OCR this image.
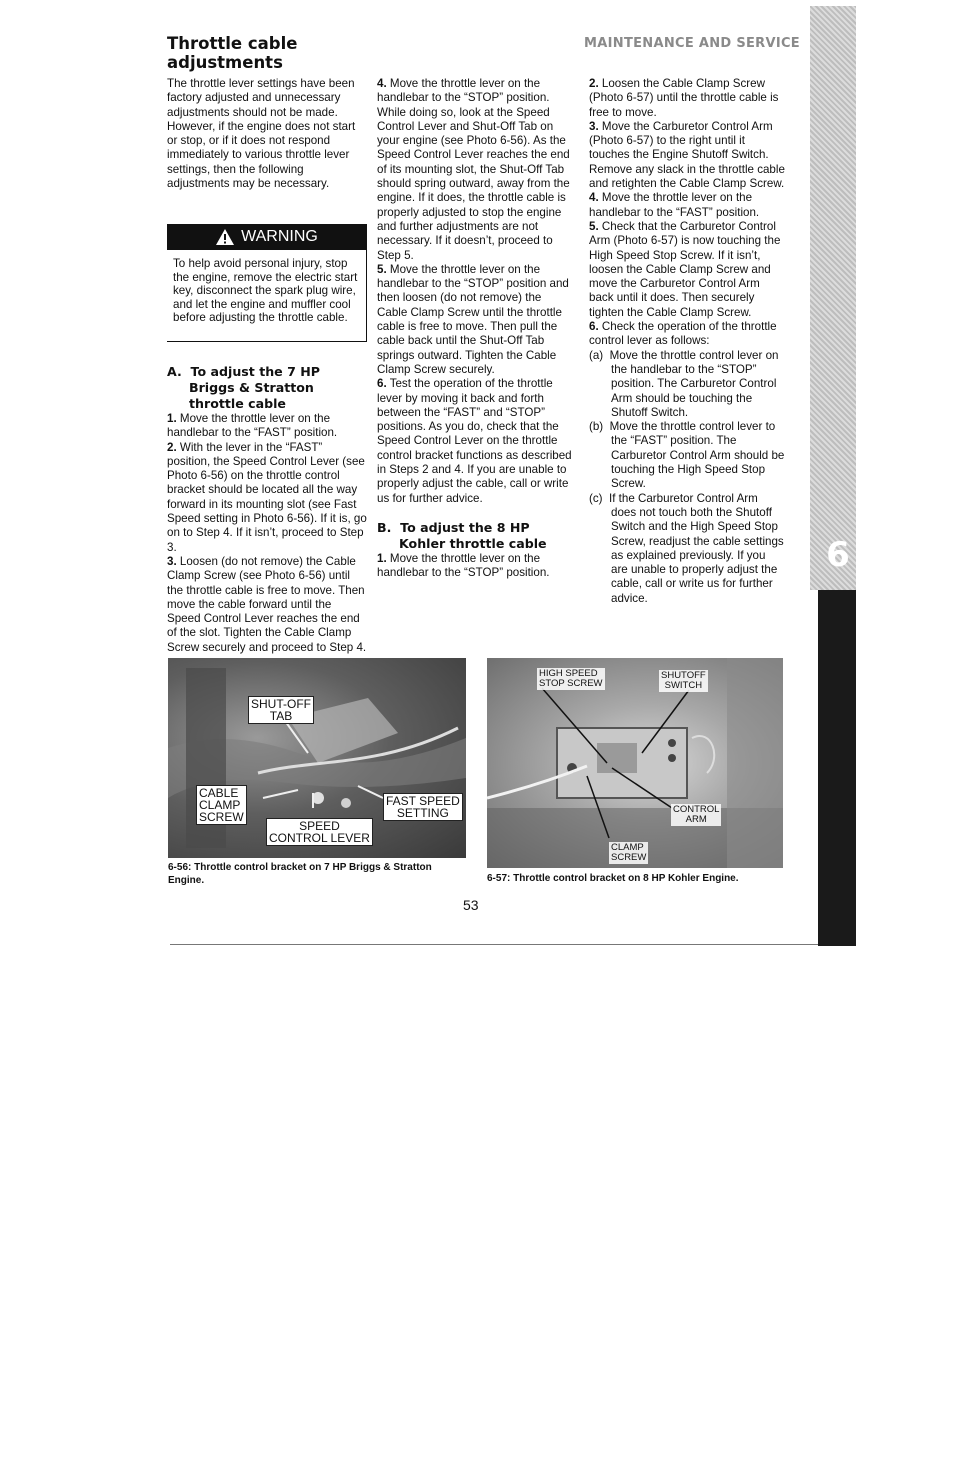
Throttle cable
adjustments

MAINTENANCE AND SERVICE

The throttle lever settings have been factory adjusted and unnecessary adjustments should not be made. However, if the engine does not start or stop, or if it does not respond immediately to various throttle lever settings, then the following adjustments may be necessary.

WARNING

To help avoid personal injury, stop the engine, remove the electric start key, disconnect the spark plug wire, and let the engine and muffler cool before adjusting the throttle cable.

A. To adjust the 7 HP Briggs & Stratton throttle cable

1. Move the throttle lever on the handlebar to the “FAST” position.

2. With the lever in the “FAST” position, the Speed Control Lever (see Photo 6-56) on the throttle control bracket should be located all the way forward in its mounting slot (see Fast Speed setting in Photo 6-56). If it is, go on to Step 4. If it isn’t, proceed to Step 3.

3. Loosen (do not remove) the Cable Clamp Screw (see Photo 6-56) until the throttle cable is free to move. Then move the cable forward until the Speed Control Lever reaches the end of the slot. Tighten the Cable Clamp Screw securely and proceed to Step 4.

4. Move the throttle lever on the handlebar to the “STOP” position. While doing so, look at the Speed Control Lever and Shut-Off Tab on your engine (see Photo 6-56). As the Speed Control Lever reaches the end of its mounting slot, the Shut-Off Tab should spring outward, away from the engine. If it does, the throttle cable is properly adjusted to stop the engine and further adjustments are not necessary. If it doesn’t, proceed to Step 5.

5. Move the throttle lever on the handlebar to the “STOP” position and then loosen (do not remove) the Cable Clamp Screw until the throttle cable is free to move. Then pull the cable back until the Shut-Off Tab springs outward. Tighten the Cable Clamp Screw securely.

6. Test the operation of the throttle lever by moving it back and forth between the “FAST” and “STOP” positions. As you do, check that the Speed Control Lever on the throttle control bracket functions as described in Steps 2 and 4. If you are unable to properly adjust the cable, call or write us for further advice.

B. To adjust the 8 HP Kohler throttle cable

1. Move the throttle lever on the handlebar to the “STOP” position.

2. Loosen the Cable Clamp Screw (Photo 6-57) until the throttle cable is free to move.

3. Move the Carburetor Control Arm (Photo 6-57) to the right until it touches the Engine Shutoff Switch. Remove any slack in the throttle cable and retighten the Cable Clamp Screw.

4. Move the throttle lever on the handlebar to the “FAST” position.

5. Check that the Carburetor Control Arm (Photo 6-57) is now touching the High Speed Stop Screw. If it isn’t, loosen the Cable Clamp Screw and move the Carburetor Control Arm back until it does. Then securely tighten the Cable Clamp Screw.

6. Check the operation of the throttle control lever as follows:

(a) Move the throttle control lever on the handlebar to the “STOP” position. The Carburetor Control Arm should be touching the Shutoff Switch.

(b) Move the throttle control lever to the “FAST” position. The Carburetor Control Arm should be touching the High Speed Stop Screw.

(c) If the Carburetor Control Arm does not touch both the Shutoff Switch and the High Speed Stop Screw, readjust the cable settings as explained previously. If you are unable to properly adjust the cable, call or write us for further advice.

SHUT-OFF
TAB
CABLE
CLAMP
SCREW
FAST SPEED
SETTING
SPEED
CONTROL LEVER

6-56: Throttle control bracket on 7 HP Briggs & Stratton Engine.

HIGH SPEED
STOP SCREW
SHUTOFF
SWITCH
CONTROL
ARM
CLAMP
SCREW

6-57: Throttle control bracket on 8 HP Kohler Engine.

53

6
